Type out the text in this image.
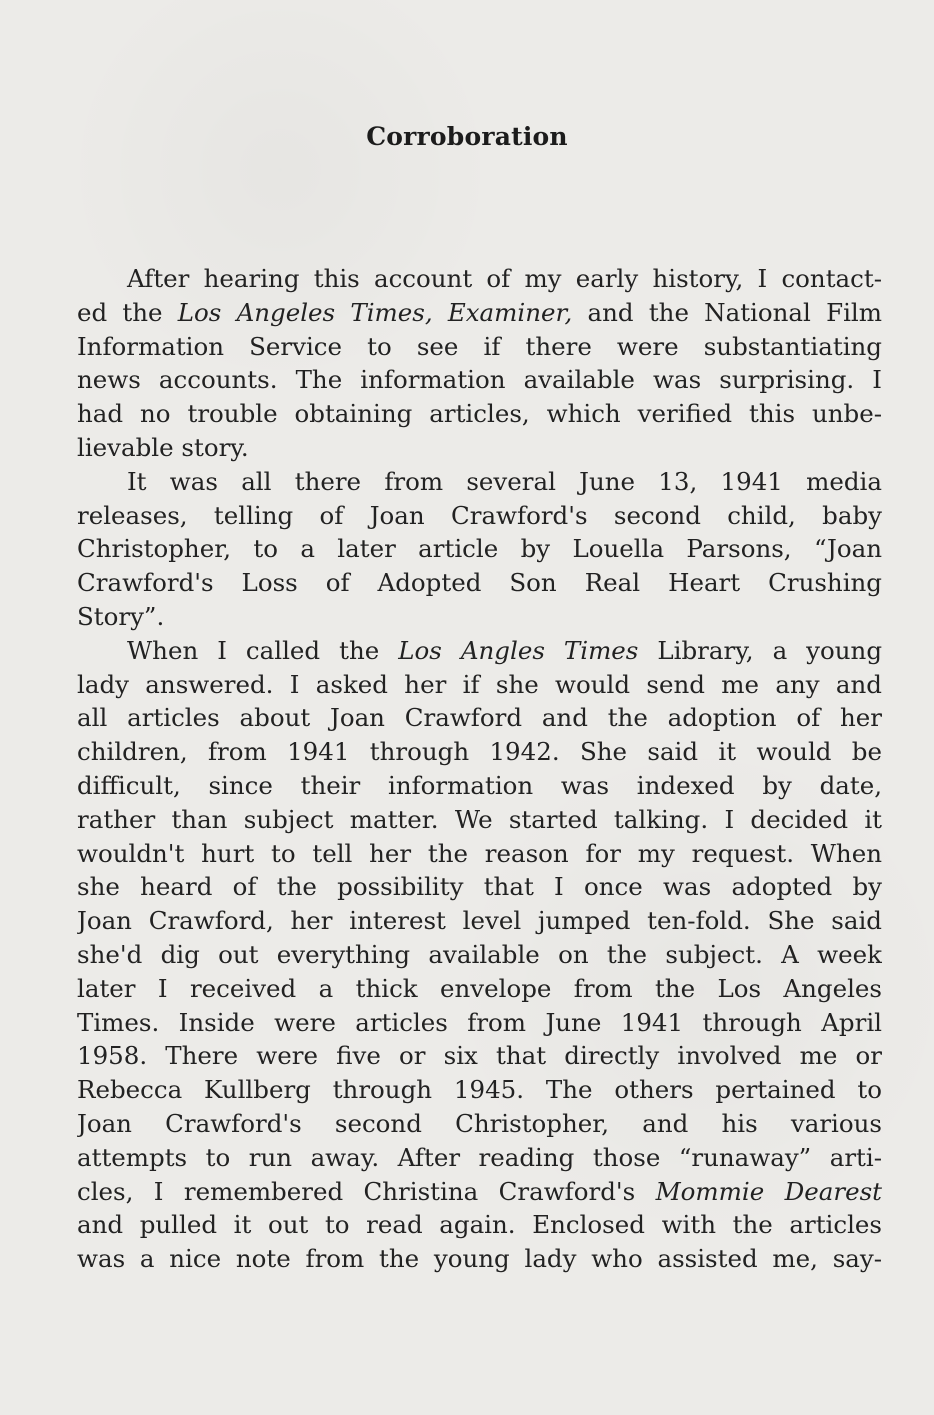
Corroboration
After hearing this account of my early history, I contact-
ed the Los Angeles Times, Examiner, and the National Film
Information Service to see if there were substantiating
news accounts. The information available was surprising. I
had no trouble obtaining articles, which verified this unbe-
lievable story.
It was all there from several June 13, 1941 media
releases, telling of Joan Crawford's second child, baby
Christopher, to a later article by Louella Parsons, “Joan
Crawford's Loss of Adopted Son Real Heart Crushing
Story”.
When I called the Los Angles Times Library, a young
lady answered. I asked her if she would send me any and
all articles about Joan Crawford and the adoption of her
children, from 1941 through 1942. She said it would be
difficult, since their information was indexed by date,
rather than subject matter. We started talking. I decided it
wouldn't hurt to tell her the reason for my request. When
she heard of the possibility that I once was adopted by
Joan Crawford, her interest level jumped ten-fold. She said
she'd dig out everything available on the subject. A week
later I received a thick envelope from the Los Angeles
Times. Inside were articles from June 1941 through April
1958. There were five or six that directly involved me or
Rebecca Kullberg through 1945. The others pertained to
Joan Crawford's second Christopher, and his various
attempts to run away. After reading those “runaway” arti-
cles, I remembered Christina Crawford's Mommie Dearest
and pulled it out to read again. Enclosed with the articles
was a nice note from the young lady who assisted me, say-
